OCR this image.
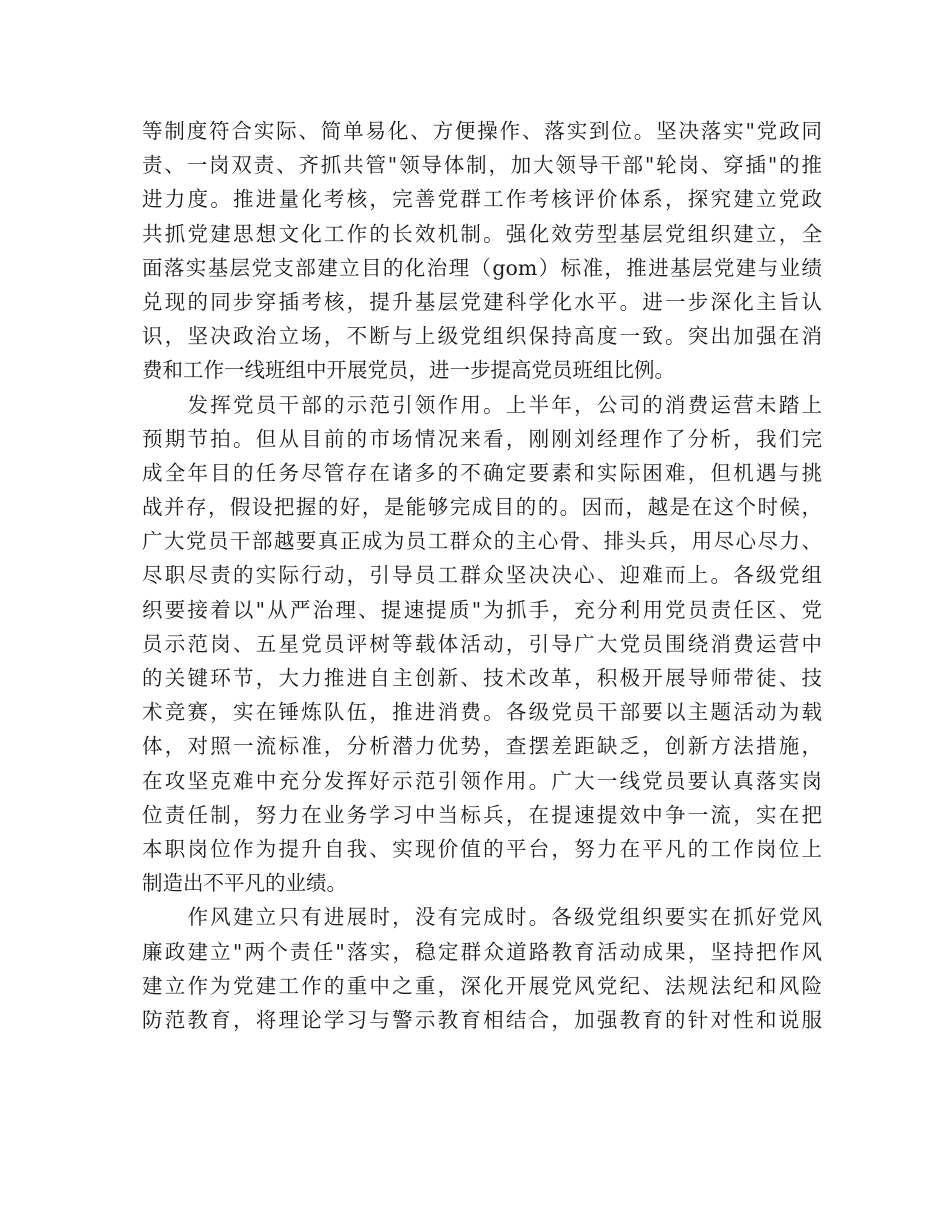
等制度符合实际、简单易化、方便操作、落实到位。坚决落实"党政同
责、一岗双责、齐抓共管"领导体制，加大领导干部"轮岗、穿插"的推
进力度。推进量化考核，完善党群工作考核评价体系，探究建立党政
共抓党建思想文化工作的长效机制。强化效劳型基层党组织建立，全
面落实基层党支部建立目的化治理（gom）标准，推进基层党建与业绩
兑现的同步穿插考核，提升基层党建科学化水平。进一步深化主旨认
识，坚决政治立场，不断与上级党组织保持高度一致。突出加强在消
费和工作一线班组中开展党员，进一步提高党员班组比例。
　　发挥党员干部的示范引领作用。上半年，公司的消费运营未踏上
预期节拍。但从目前的市场情况来看，刚刚刘经理作了分析，我们完
成全年目的任务尽管存在诸多的不确定要素和实际困难，但机遇与挑
战并存，假设把握的好，是能够完成目的的。因而，越是在这个时候，
广大党员干部越要真正成为员工群众的主心骨、排头兵，用尽心尽力、
尽职尽责的实际行动，引导员工群众坚决决心、迎难而上。各级党组
织要接着以"从严治理、提速提质"为抓手，充分利用党员责任区、党
员示范岗、五星党员评树等载体活动，引导广大党员围绕消费运营中
的关键环节，大力推进自主创新、技术改革，积极开展导师带徒、技
术竞赛，实在锤炼队伍，推进消费。各级党员干部要以主题活动为载
体，对照一流标准，分析潜力优势，查摆差距缺乏，创新方法措施，
在攻坚克难中充分发挥好示范引领作用。广大一线党员要认真落实岗
位责任制，努力在业务学习中当标兵，在提速提效中争一流，实在把
本职岗位作为提升自我、实现价值的平台，努力在平凡的工作岗位上
制造出不平凡的业绩。
　　作风建立只有进展时，没有完成时。各级党组织要实在抓好党风
廉政建立"两个责任"落实，稳定群众道路教育活动成果，坚持把作风
建立作为党建工作的重中之重，深化开展党风党纪、法规法纪和风险
防范教育，将理论学习与警示教育相结合，加强教育的针对性和说服
